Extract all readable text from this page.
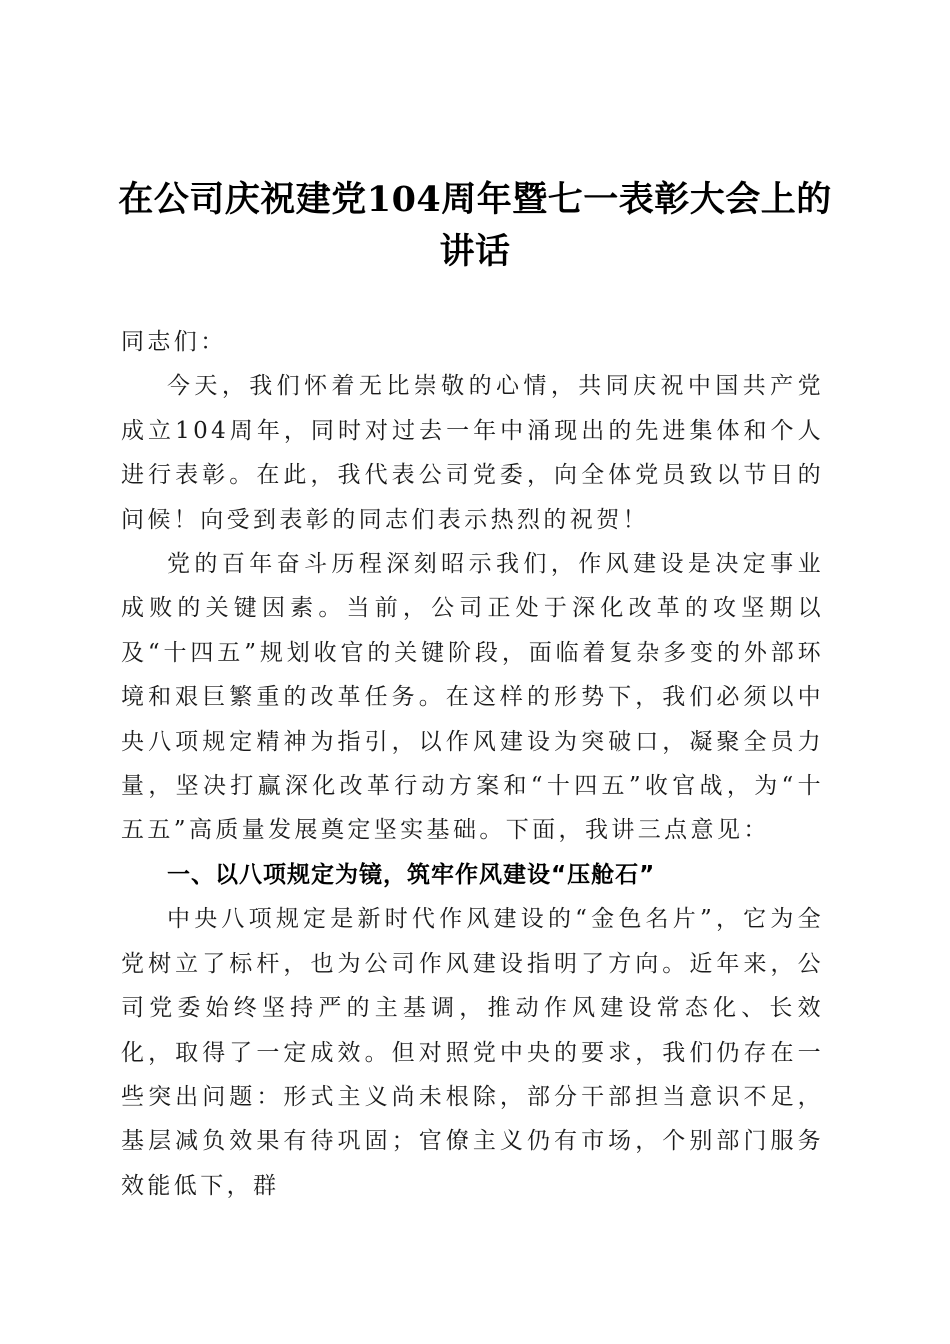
在公司庆祝建党104周年暨七一表彰大会上的讲话

同志们：

今天，我们怀着无比崇敬的心情，共同庆祝中国共产党成立104周年，同时对过去一年中涌现出的先进集体和个人进行表彰。在此，我代表公司党委，向全体党员致以节日的问候！向受到表彰的同志们表示热烈的祝贺！

党的百年奋斗历程深刻昭示我们，作风建设是决定事业成败的关键因素。当前，公司正处于深化改革的攻坚期以及“十四五”规划收官的关键阶段，面临着复杂多变的外部环境和艰巨繁重的改革任务。在这样的形势下，我们必须以中央八项规定精神为指引，以作风建设为突破口，凝聚全员力量，坚决打赢深化改革行动方案和“十四五”收官战，为“十五五”高质量发展奠定坚实基础。下面，我讲三点意见：

一、以八项规定为镜，筑牢作风建设“压舱石”

中央八项规定是新时代作风建设的“金色名片”，它为全党树立了标杆，也为公司作风建设指明了方向。近年来，公司党委始终坚持严的主基调，推动作风建设常态化、长效化，取得了一定成效。但对照党中央的要求，我们仍存在一些突出问题：形式主义尚未根除，部分干部担当意识不足，基层减负效果有待巩固；官僚主义仍有市场，个别部门服务效能低下，群
